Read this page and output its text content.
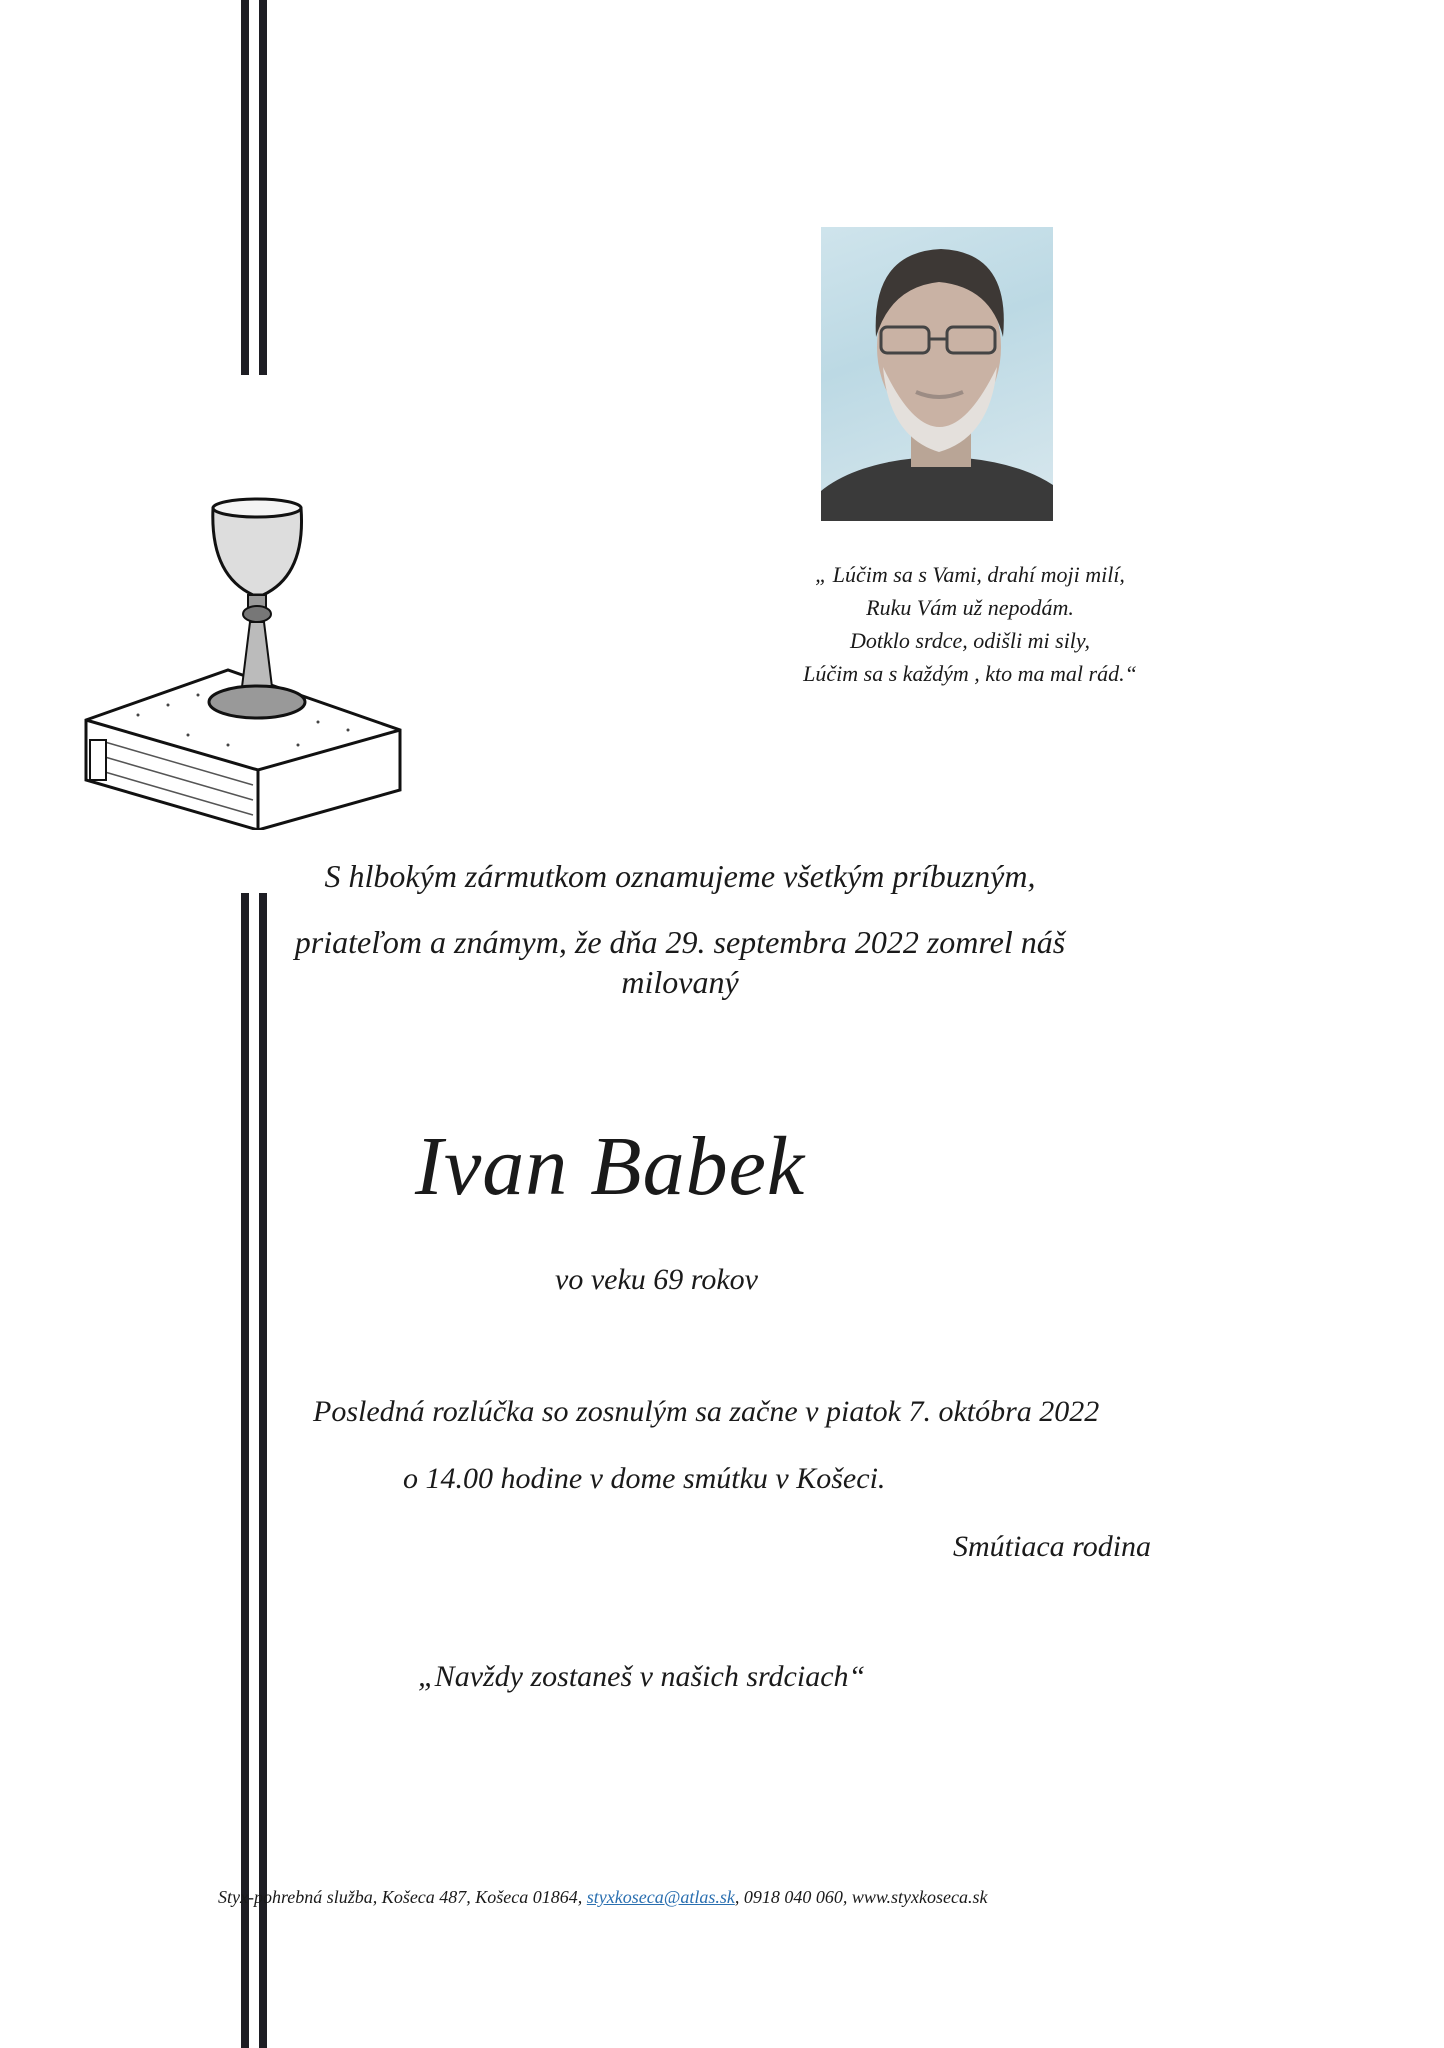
„ Lúčim sa s Vami, drahí moji milí,
Ruku Vám už nepodám.
Dotklo srdce, odišli mi sily,
Lúčim sa s každým , kto ma mal rád.“
S hlbokým zármutkom oznamujeme všetkým príbuzným,
priateľom a známym, že dňa 29. septembra 2022 zomrel náš
milovaný
Ivan Babek
vo veku 69 rokov
Posledná rozlúčka so zosnulým sa začne v piatok 7. októbra 2022
o 14.00 hodine v dome smútku v Košeci.
Smútiaca rodina
„Navždy zostaneš v našich srdciach“
Styx-pohrebná služba, Košeca 487, Košeca 01864, styxkoseca@atlas.sk, 0918 040 060, www.styxkoseca.sk
